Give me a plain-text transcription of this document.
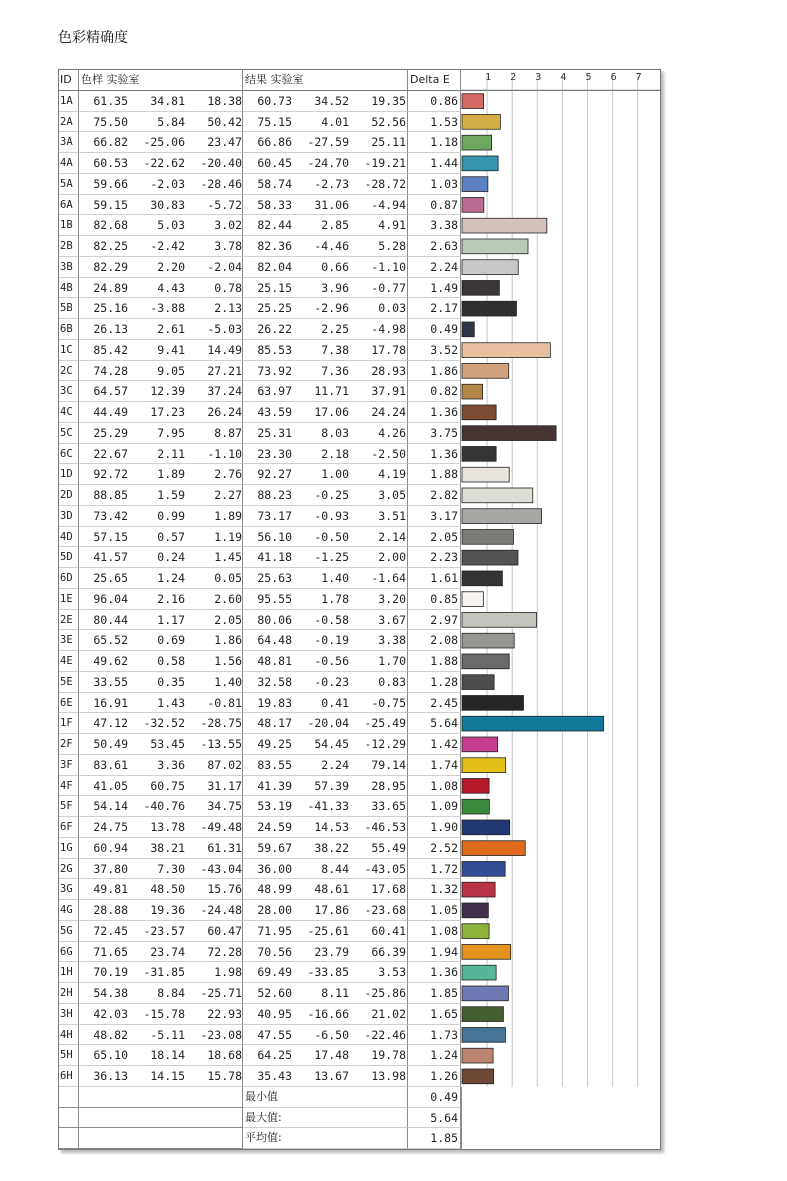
色彩精确度
ID 色样 实验室	结果 实验室	Delta E
1A	61.35	34.81	18.38	60.73	34.52	19.35	0.86
2A	75.50	5.84	50.42	75.15	4.01	52.56	1.53
3A	66.82	-25.06	23.47	66.86	-27.59	25.11	1.18
4A	60.53	-22.62	-20.40	60.45	-24.70	-19.21	1.44
5A	59.66	-2.03	-28.46	58.74	-2.73	-28.72	1.03
6A	59.15	30.83	-5.72	58.33	31.06	-4.94	0.87
1B	82.68	5.03	3.02	82.44	2.85	4.91	3.38
2B	82.25	-2.42	3.78	82.36	-4.46	5.28	2.63
3B	82.29	2.20	-2.04	82.04	0.66	-1.10	2.24
4B	24.89	4.43	0.78	25.15	3.96	-0.77	1.49
5B	25.16	-3.88	2.13	25.25	-2.96	0.03	2.17
6B	26.13	2.61	-5.03	26.22	2.25	-4.98	0.49
1C	85.42	9.41	14.49	85.53	7.38	17.78	3.52
2C	74.28	9.05	27.21	73.92	7.36	28.93	1.86
3C	64.57	12.39	37.24	63.97	11.71	37.91	0.82
4C	44.49	17.23	26.24	43.59	17.06	24.24	1.36
5C	25.29	7.95	8.87	25.31	8.03	4.26	3.75
6C	22.67	2.11	-1.10	23.30	2.18	-2.50	1.36
1D	92.72	1.89	2.76	92.27	1.00	4.19	1.88
2D	88.85	1.59	2.27	88.23	-0.25	3.05	2.82
3D	73.42	0.99	1.89	73.17	-0.93	3.51	3.17
4D	57.15	0.57	1.19	56.10	-0.50	2.14	2.05
5D	41.57	0.24	1.45	41.18	-1.25	2.00	2.23
6D	25.65	1.24	0.05	25.63	1.40	-1.64	1.61
1E	96.04	2.16	2.60	95.55	1.78	3.20	0.85
2E	80.44	1.17	2.05	80.06	-0.58	3.67	2.97
3E	65.52	0.69	1.86	64.48	-0.19	3.38	2.08
4E	49.62	0.58	1.56	48.81	-0.56	1.70	1.88
5E	33.55	0.35	1.40	32.58	-0.23	0.83	1.28
6E	16.91	1.43	-0.81	19.83	0.41	-0.75	2.45
1F	47.12	-32.52	-28.75	48.17	-20.04	-25.49	5.64
2F	50.49	53.45	-13.55	49.25	54.45	-12.29	1.42
3F	83.61	3.36	87.02	83.55	2.24	79.14	1.74
4F	41.05	60.75	31.17	41.39	57.39	28.95	1.08
5F	54.14	-40.76	34.75	53.19	-41.33	33.65	1.09
6F	24.75	13.78	-49.48	24.59	14.53	-46.53	1.90
1G	60.94	38.21	61.31	59.67	38.22	55.49	2.52
2G	37.80	7.30	-43.04	36.00	8.44	-43.05	1.72
3G	49.81	48.50	15.76	48.99	48.61	17.68	1.32
4G	28.88	19.36	-24.48	28.00	17.86	-23.68	1.05
5G	72.45	-23.57	60.47	71.95	-25.61	60.41	1.08
6G	71.65	23.74	72.28	70.56	23.79	66.39	1.94
1H	70.19	-31.85	1.98	69.49	-33.85	3.53	1.36
2H	54.38	8.84	-25.71	52.60	8.11	-25.86	1.85
3H	42.03	-15.78	22.93	40.95	-16.66	21.02	1.65
4H	48.82	-5.11	-23.08	47.55	-6.50	-22.46	1.73
5H	65.10	18.14	18.68	64.25	17.48	19.78	1.24
6H	36.13	14.15	15.78	35.43	13.67	13.98	1.26
最小值	0.49
最大值:	5.64
平均值:	1.85
1 2 3 4 5 6 7
